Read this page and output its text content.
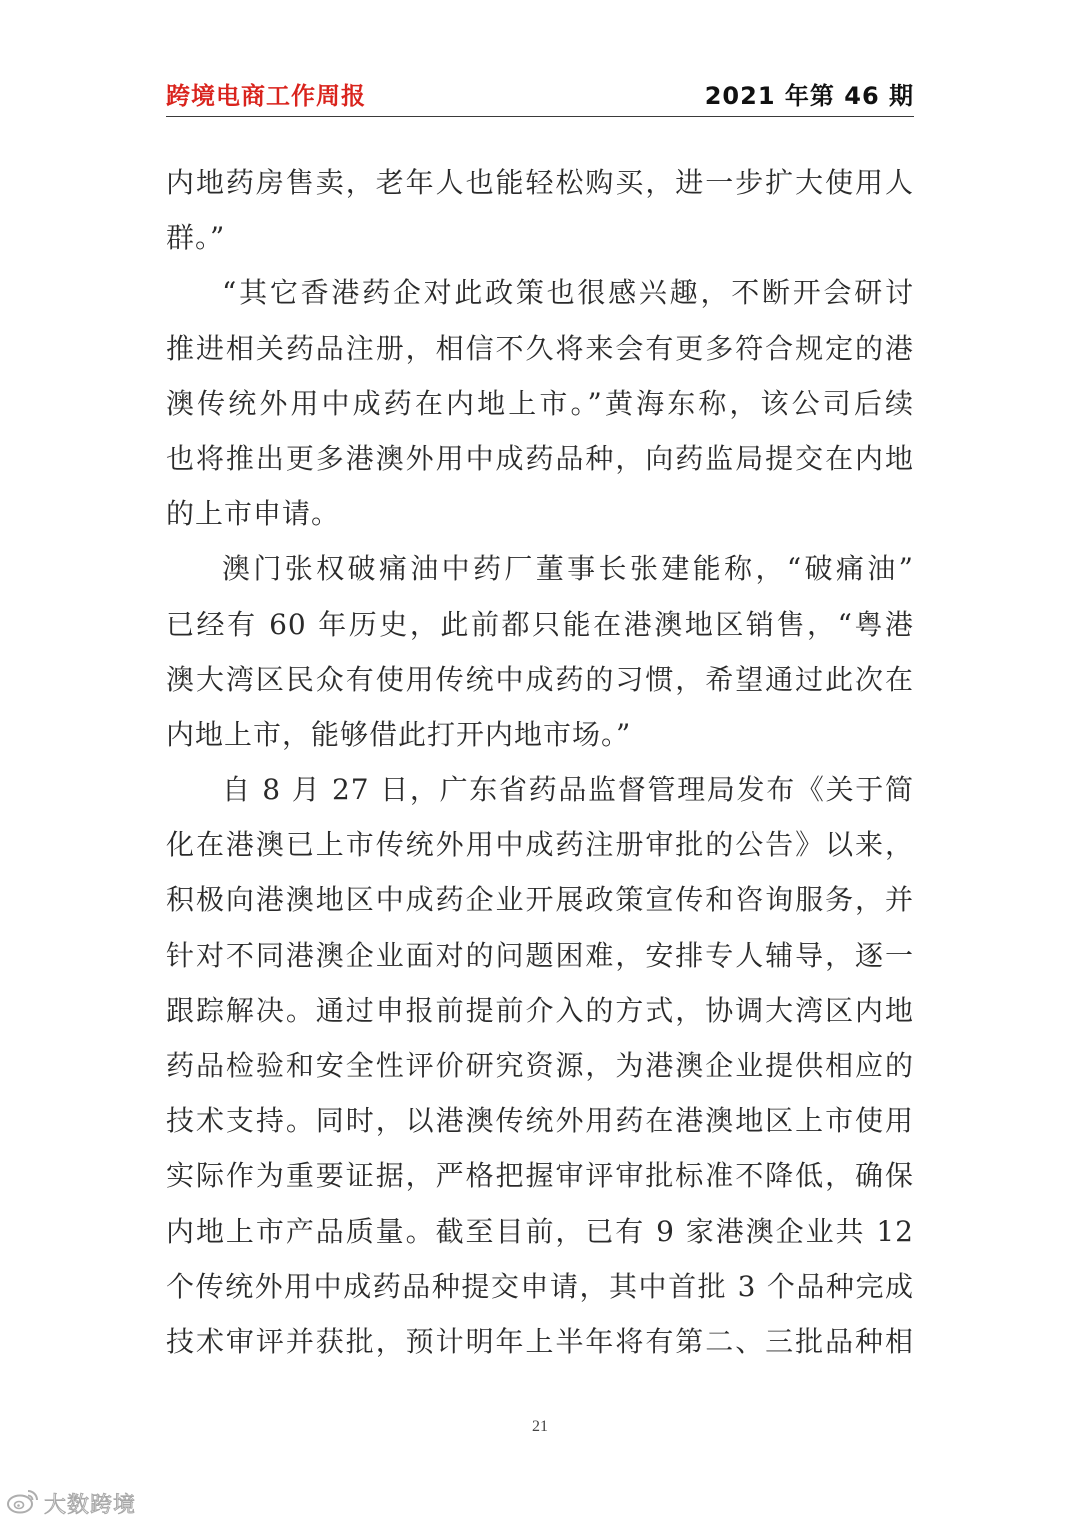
跨境电商工作周报	2021 年第 46 期
内地药房售卖，老年人也能轻松购买，进一步扩大使用人
群。”
“其它香港药企对此政策也很感兴趣，不断开会研讨
推进相关药品注册，相信不久将来会有更多符合规定的港
澳传统外用中成药在内地上市。”黄海东称，该公司后续
也将推出更多港澳外用中成药品种，向药监局提交在内地
的上市申请。
澳门张权破痛油中药厂董事长张建能称，“破痛油”
已经有 60 年历史，此前都只能在港澳地区销售，“粤港
澳大湾区民众有使用传统中成药的习惯，希望通过此次在
内地上市，能够借此打开内地市场。”
自 8 月 27 日，广东省药品监督管理局发布《关于简
化在港澳已上市传统外用中成药注册审批的公告》以来，
积极向港澳地区中成药企业开展政策宣传和咨询服务，并
针对不同港澳企业面对的问题困难，安排专人辅导，逐一
跟踪解决。通过申报前提前介入的方式，协调大湾区内地
药品检验和安全性评价研究资源，为港澳企业提供相应的
技术支持。同时，以港澳传统外用药在港澳地区上市使用
实际作为重要证据，严格把握审评审批标准不降低，确保
内地上市产品质量。截至目前，已有 9 家港澳企业共 12
个传统外用中成药品种提交申请，其中首批 3 个品种完成
技术审评并获批，预计明年上半年将有第二、三批品种相
21
大数跨境
